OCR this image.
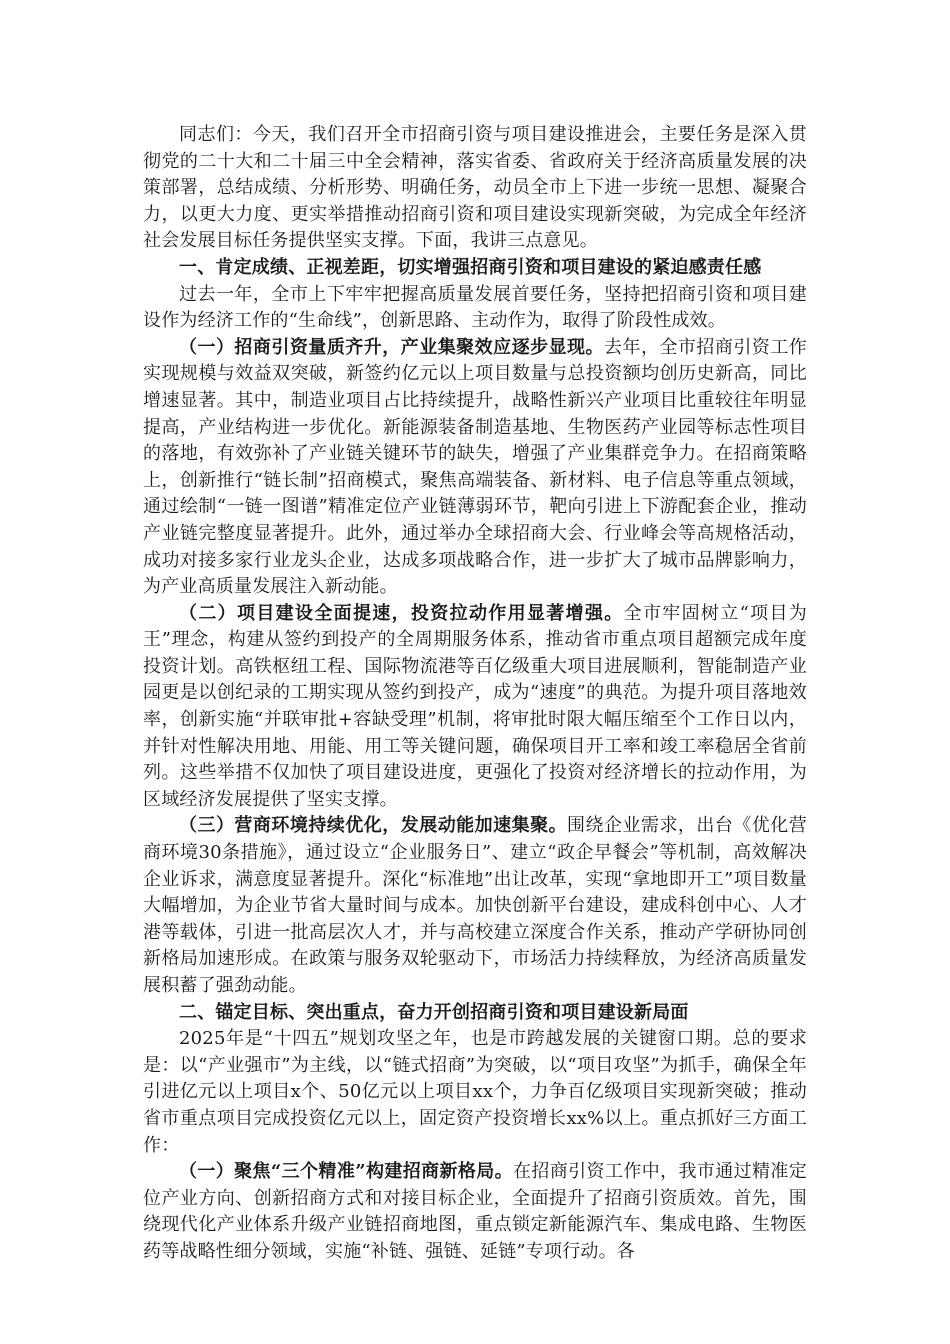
同志们：今天，我们召开全市招商引资与项目建设推进会，主要任务是深入贯彻党的二十大和二十届三中全会精神，落实省委、省政府关于经济高质量发展的决策部署，总结成绩、分析形势、明确任务，动员全市上下进一步统一思想、凝聚合力，以更大力度、更实举措推动招商引资和项目建设实现新突破，为完成全年经济社会发展目标任务提供坚实支撑。下面，我讲三点意见。

一、肯定成绩、正视差距，切实增强招商引资和项目建设的紧迫感责任感

过去一年，全市上下牢牢把握高质量发展首要任务，坚持把招商引资和项目建设作为经济工作的“生命线”，创新思路、主动作为，取得了阶段性成效。

（一）招商引资量质齐升，产业集聚效应逐步显现。去年，全市招商引资工作实现规模与效益双突破，新签约亿元以上项目数量与总投资额均创历史新高，同比增速显著。其中，制造业项目占比持续提升，战略性新兴产业项目比重较往年明显提高，产业结构进一步优化。新能源装备制造基地、生物医药产业园等标志性项目的落地，有效弥补了产业链关键环节的缺失，增强了产业集群竞争力。在招商策略上，创新推行“链长制”招商模式，聚焦高端装备、新材料、电子信息等重点领域，通过绘制“一链一图谱”精准定位产业链薄弱环节，靶向引进上下游配套企业，推动产业链完整度显著提升。此外，通过举办全球招商大会、行业峰会等高规格活动，成功对接多家行业龙头企业，达成多项战略合作，进一步扩大了城市品牌影响力，为产业高质量发展注入新动能。

（二）项目建设全面提速，投资拉动作用显著增强。全市牢固树立“项目为王”理念，构建从签约到投产的全周期服务体系，推动省市重点项目超额完成年度投资计划。高铁枢纽工程、国际物流港等百亿级重大项目进展顺利，智能制造产业园更是以创纪录的工期实现从签约到投产，成为“速度”的典范。为提升项目落地效率，创新实施“并联审批+容缺受理”机制，将审批时限大幅压缩至个工作日以内，并针对性解决用地、用能、用工等关键问题，确保项目开工率和竣工率稳居全省前列。这些举措不仅加快了项目建设进度，更强化了投资对经济增长的拉动作用，为区域经济发展提供了坚实支撑。

（三）营商环境持续优化，发展动能加速集聚。围绕企业需求，出台《优化营商环境30条措施》，通过设立“企业服务日”、建立“政企早餐会”等机制，高效解决企业诉求，满意度显著提升。深化“标准地”出让改革，实现“拿地即开工”项目数量大幅增加，为企业节省大量时间与成本。加快创新平台建设，建成科创中心、人才港等载体，引进一批高层次人才，并与高校建立深度合作关系，推动产学研协同创新格局加速形成。在政策与服务双轮驱动下，市场活力持续释放，为经济高质量发展积蓄了强劲动能。

二、锚定目标、突出重点，奋力开创招商引资和项目建设新局面

2025年是“十四五”规划攻坚之年，也是市跨越发展的关键窗口期。总的要求是：以“产业强市”为主线，以“链式招商”为突破，以“项目攻坚”为抓手，确保全年引进亿元以上项目x个、50亿元以上项目xx个，力争百亿级项目实现新突破；推动省市重点项目完成投资亿元以上，固定资产投资增长xx%以上。重点抓好三方面工作：

（一）聚焦“三个精准”构建招商新格局。在招商引资工作中，我市通过精准定位产业方向、创新招商方式和对接目标企业，全面提升了招商引资质效。首先，围绕现代化产业体系升级产业链招商地图，重点锁定新能源汽车、集成电路、生物医药等战略性细分领域，实施“补链、强链、延链”专项行动。各
